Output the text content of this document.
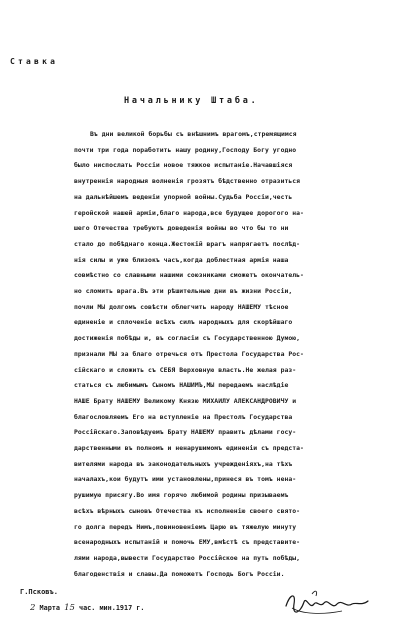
Ставка
Начальнику Штаба.
Въ дни великой борьбы съ внѣшнимъ врагомъ,стремящимся
почти три года поработить нашу родину,Господу Богу угодно
было ниспослать Россіи новое тяжкое испытаніе.Начавшіяся
внутреннія народныя волненія грозятъ бѣдственно отразиться
на дальнѣйшемъ веденіи упорной войны.Судьба Россіи,честь
геройской нашей арміи,благо народа,все будущее дорогого на-
шего Отечества требуютъ доведенія войны во что бы то ни
стало до побѣднаго конца.Жестокій врагъ напрягаетъ послѣд-
нія силы и уже близокъ часъ,когда доблестная армія наша
совмѣстно со славными нашими союзниками сможетъ окончатель-
но сломить врага.Въ эти рѣшительные дни въ жизни Россіи,
почли МЫ долгомъ совѣсти облегчить народу НАШЕМУ тѣсное
единеніе и сплоченіе всѣхъ силъ народныхъ для скорѣйшаго
достиженія побѣды и, въ согласіи съ Государственною Думою,
признали МЫ за благо отречься отъ Престола Государства Рос-
сійскаго и сложить съ СЕБЯ Верховную власть.Не желая раз-
статься съ любимымъ Сыномъ НАШИМЪ,МЫ передаемъ наслѣдіе
НАШЕ Брату НАШЕМУ Великому Князю МИХАИЛУ АЛЕКСАНДРОВИЧУ и
благословляемъ Его на вступленіе на Престолъ Государства
Россійскаго.Заповѣдуемъ Брату НАШЕМУ править дѣлами госу-
дарственными въ полномъ и ненарушимомъ единеніи съ предста-
вителями народа въ законодательныхъ учрежденіяхъ,на тѣхъ
началахъ,кои будутъ ими установлены,принеся въ томъ ненa-
рушимую присягу.Во имя горячо любимой родины призываемъ
всѣхъ вѣрныхъ сыновъ Отечества къ исполненію своего свято-
го долга передъ Нимъ,повиновеніемъ Царю въ тяжелую минуту
всенародныхъ испытаній и помочь ЕМУ,вмѣстѣ съ представите-
лями народа,вывести Государство Россійское на путь побѣды,
благоденствія и славы.Да поможетъ Господь Богъ Россіи.
Г.Псковъ.
2 Марта 15 час. мин.1917 г.
